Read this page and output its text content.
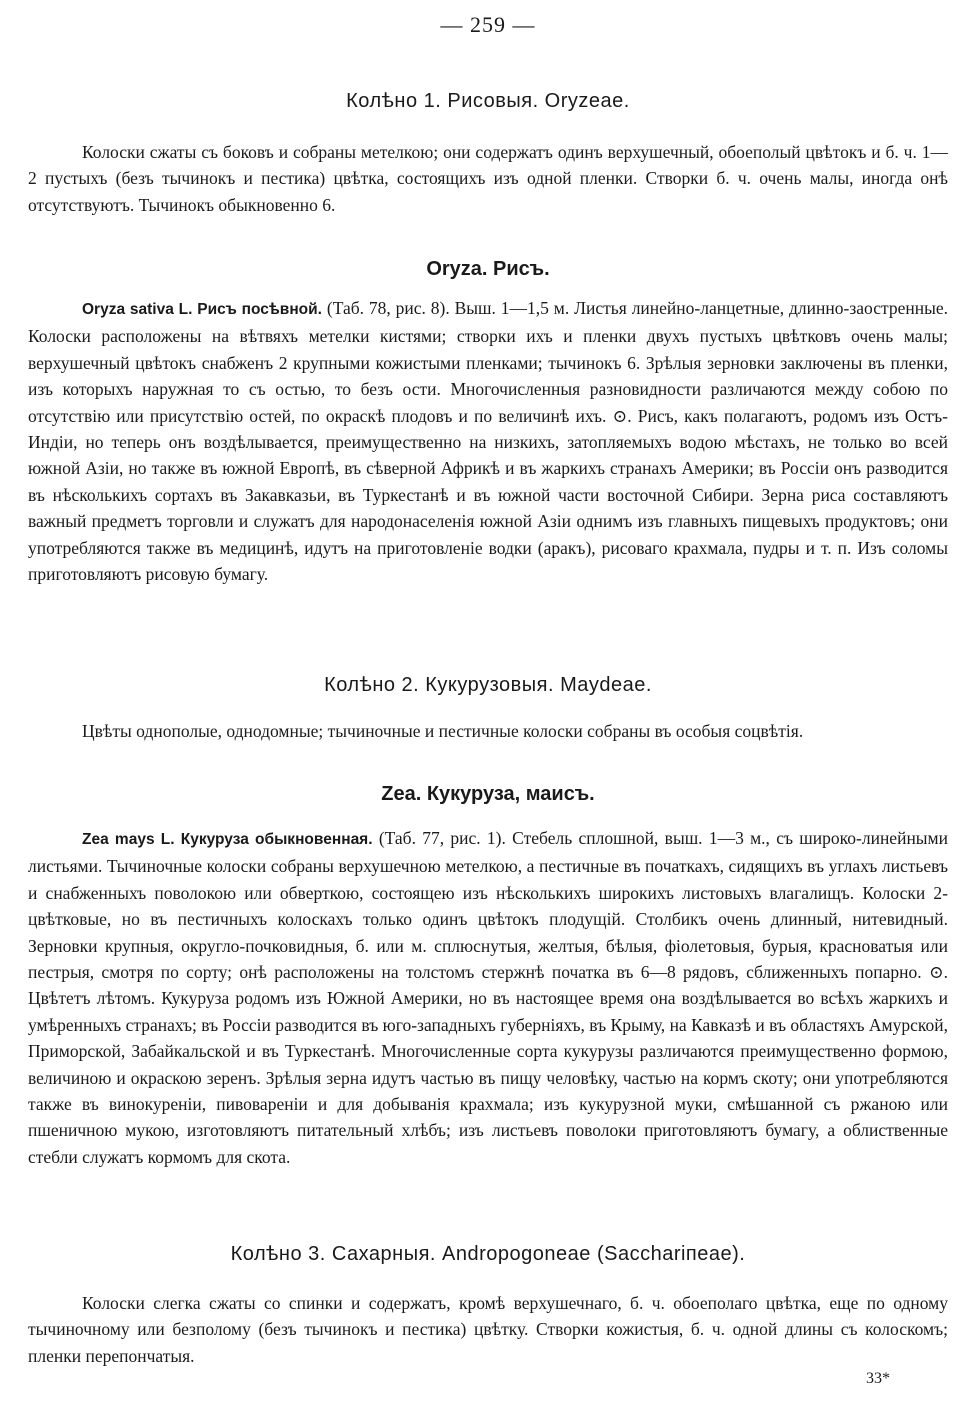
— 259 —
Колѣно 1. Рисовыя. Oryzeae.

Колоски сжаты съ боковъ и собраны метелкою; они содержатъ одинъ верхушечный, обоеполый цвѣтокъ и б. ч. 1—2 пустыхъ (безъ тычинокъ и пестика) цвѣтка, состоящихъ изъ одной пленки. Створки б. ч. очень малы, иногда онѣ отсутствуютъ. Тычинокъ обыкновенно 6.

Oryza. Рисъ.

Oryza sativa L. Рисъ посѣвной. (Таб. 78, рис. 8). Выш. 1—1,5 м. Листья линейно-ланцетные, длинно-заостренные. Колоски расположены на вѣтвяхъ метелки кистями; створки ихъ и пленки двухъ пустыхъ цвѣтковъ очень малы; верхушечный цвѣтокъ снабженъ 2 крупными кожистыми пленками; тычинокъ 6. Зрѣлыя зерновки заключены въ пленки, изъ которыхъ наружная то съ остью, то безъ ости. Многочисленныя разновидности различаются между собою по отсутствію или присутствію остей, по окраскѣ плодовъ и по величинѣ ихъ. ⊙. Рисъ, какъ полагаютъ, родомъ изъ Остъ-Индіи, но теперь онъ воздѣлывается, преимущественно на низкихъ, затопляемыхъ водою мѣстахъ, не только во всей южной Азіи, но также въ южной Европѣ, въ сѣверной Африкѣ и въ жаркихъ странахъ Америки; въ Россіи онъ разводится въ нѣсколькихъ сортахъ въ Закавказьи, въ Туркестанѣ и въ южной части восточной Сибири. Зерна риса составляютъ важный предметъ торговли и служатъ для народонаселенія южной Азіи однимъ изъ главныхъ пищевыхъ продуктовъ; они употребляются также въ медицинѣ, идутъ на приготовленіе водки (аракъ), рисоваго крахмала, пудры и т. п. Изъ соломы приготовляютъ рисовую бумагу.

Колѣно 2. Кукурузовыя. Maydeae.

Цвѣты однополые, однодомные; тычиночные и пестичные колоски собраны въ особыя соцвѣтія.

Zea. Кукуруза, маисъ.

Zea mays L. Кукуруза обыкновенная. (Таб. 77, рис. 1). Стебель сплошной, выш. 1—3 м., съ широко-линейными листьями. Тычиночные колоски собраны верхушечною метелкою, а пестичные въ початкахъ, сидящихъ въ углахъ листьевъ и снабженныхъ поволокою или обверткою, состоящею изъ нѣсколькихъ широкихъ листовыхъ влагалищъ. Колоски 2-цвѣтковые, но въ пестичныхъ колоскахъ только одинъ цвѣтокъ плодущій. Столбикъ очень длинный, нитевидный. Зерновки крупныя, округло-почковидныя, б. или м. сплюснутыя, желтыя, бѣлыя, фіолетовыя, бурыя, красноватыя или пестрыя, смотря по сорту; онѣ расположены на толстомъ стержнѣ початка въ 6—8 рядовъ, сближенныхъ попарно. ⊙. Цвѣтетъ лѣтомъ. Кукуруза родомъ изъ Южной Америки, но въ настоящее время она воздѣлывается во всѣхъ жаркихъ и умѣренныхъ странахъ; въ Россіи разводится въ юго-западныхъ губерніяхъ, въ Крыму, на Кавказѣ и въ областяхъ Амурской, Приморской, Забайкальской и въ Туркестанѣ. Многочисленные сорта кукурузы различаются преимущественно формою, величиною и окраскою зеренъ. Зрѣлыя зерна идутъ частью въ пищу человѣку, частью на кормъ скоту; они употребляются также въ винокуреніи, пивовареніи и для добыванія крахмала; изъ кукурузной муки, смѣшанной съ ржаною или пшеничною мукою, изготовляютъ питательный хлѣбъ; изъ листьевъ поволоки приготовляютъ бумагу, а облиственные стебли служатъ кормомъ для скота.

Колѣно 3. Сахарныя. Andropogoneae (Sacchariпeae).

Колоски слегка сжаты со спинки и содержатъ, кромѣ верхушечнаго, б. ч. обоеполаго цвѣтка, еще по одному тычиночному или безполому (безъ тычинокъ и пестика) цвѣтку. Створки кожистыя, б. ч. одной длины съ колоскомъ; пленки перепончатыя.

33*
